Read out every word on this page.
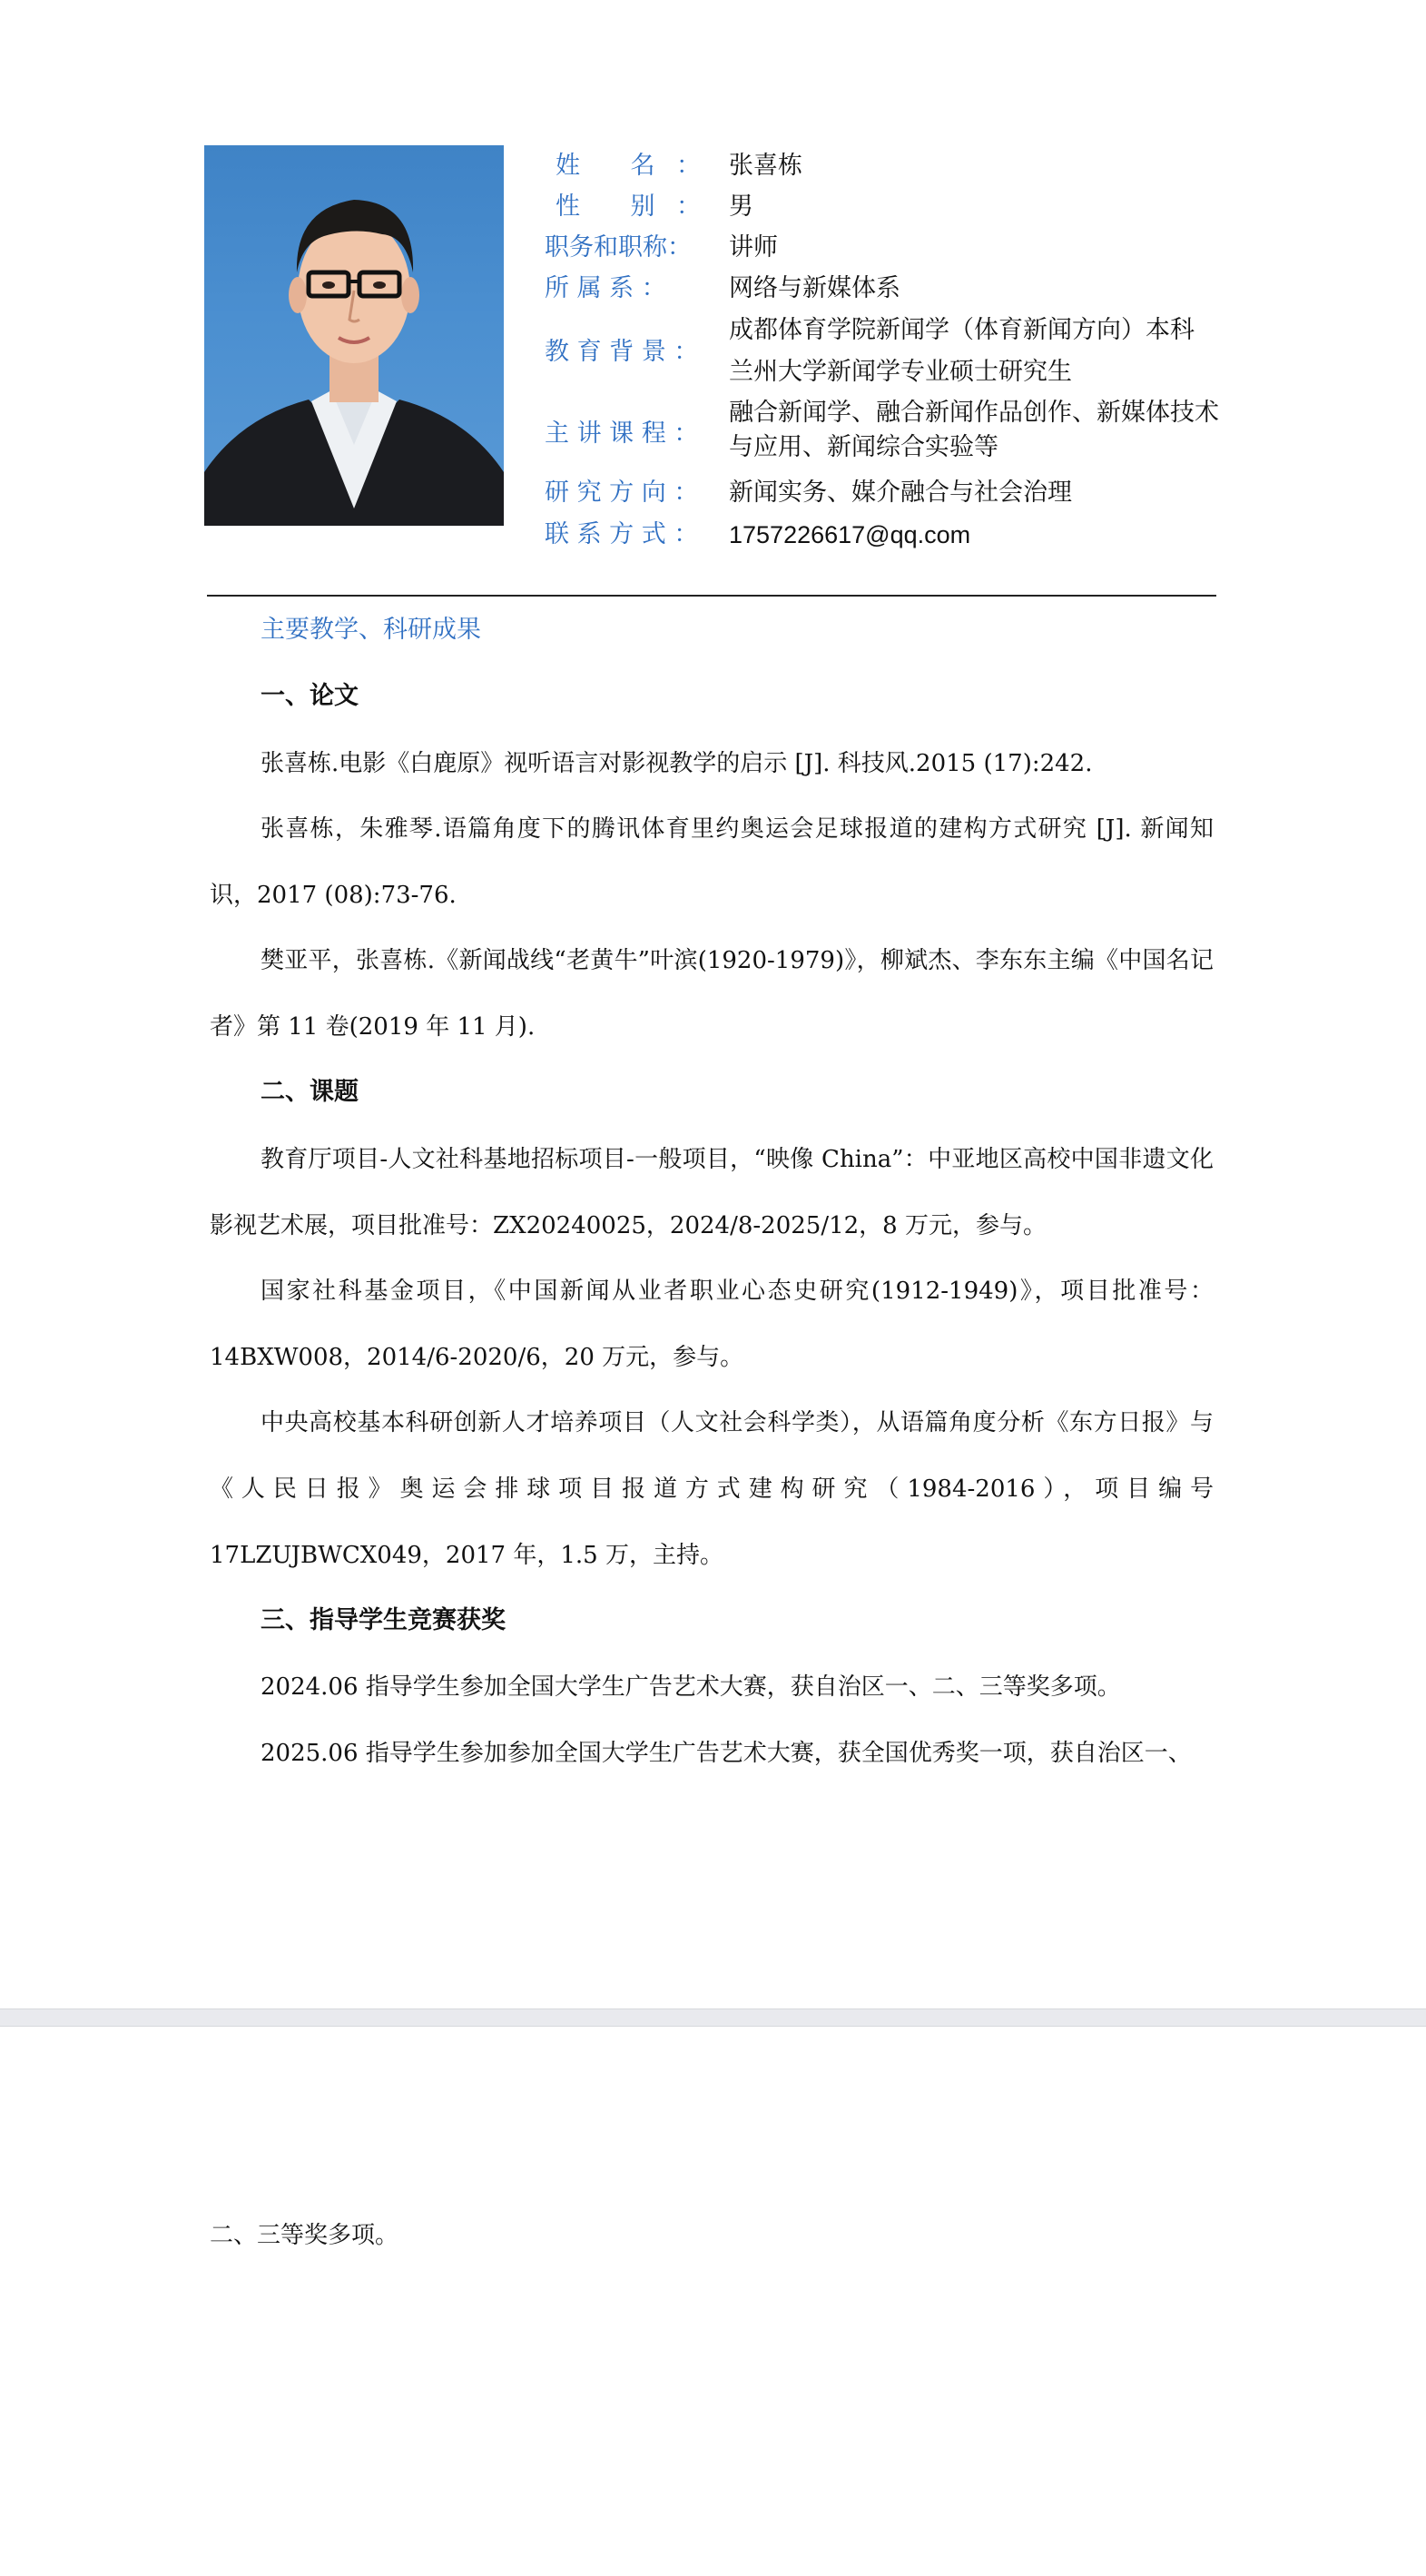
姓 名： 张喜栋
性 别： 男
职务和职称： 讲师
所 属 系 ：	网络与新媒体系
教 育 背 景 ：
成都体育学院新闻学（体育新闻方向）本科
兰州大学新闻学专业硕士研究生
主 讲 课 程 ：
融合新闻学、融合新闻作品创作、新媒体技术与应用、新闻综合实验等
研 究 方 向 ： 新闻实务、媒介融合与社会治理
联 系 方 式 ： 1757226617@qq.com
主要教学、科研成果
一、论文
张喜栋.电影《白鹿原》视听语言对影视教学的启示 [J]. 科技风.2015 (17):242.
张喜栋，朱雅琴.语篇角度下的腾讯体育里约奥运会足球报道的建构方式研究 [J]. 新闻知识，2017 (08):73-76.
樊亚平，张喜栋.《新闻战线“老黄牛”叶滨(1920-1979)》，柳斌杰、李东东主编《中国名记者》第 11 卷(2019 年 11 月).
二、课题
教育厅项目-人文社科基地招标项目-一般项目，“映像 China”：中亚地区高校中国非遗文化影视艺术展，项目批准号：ZX20240025，2024/8-2025/12，8 万元，参与。
国家社科基金项目，《中国新闻从业者职业心态史研究(1912-1949)》，项目批准号：14BXW008，2014/6-2020/6，20 万元，参与。
中央高校基本科研创新人才培养项目（人文社会科学类），从语篇角度分析《东方日报》与《人民日报》奥运会排球项目报道方式建构研究（1984-2016），项目编号 17LZUJBWCX049，2017 年，1.5 万，主持。
三、指导学生竞赛获奖
2024.06 指导学生参加全国大学生广告艺术大赛，获自治区一、二、三等奖多项。
2025.06 指导学生参加参加全国大学生广告艺术大赛，获全国优秀奖一项，获自治区一、
二、三等奖多项。
